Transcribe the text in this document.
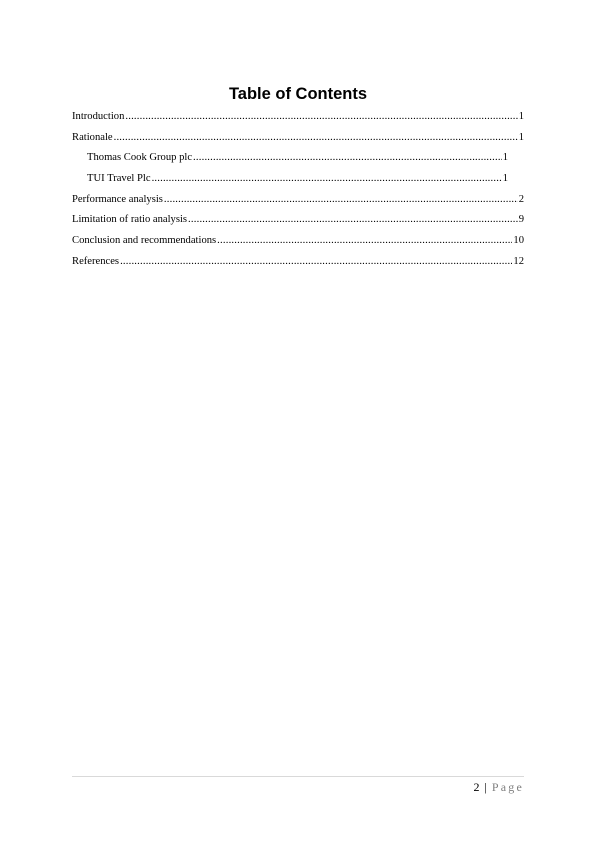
Table of Contents
Introduction .....	1
Rationale .....	1
Thomas Cook Group plc .....	1
TUI Travel Plc .....	1
Performance analysis .....	2
Limitation of ratio analysis .....	9
Conclusion and recommendations .....	10
References .....	12
2 | Page
